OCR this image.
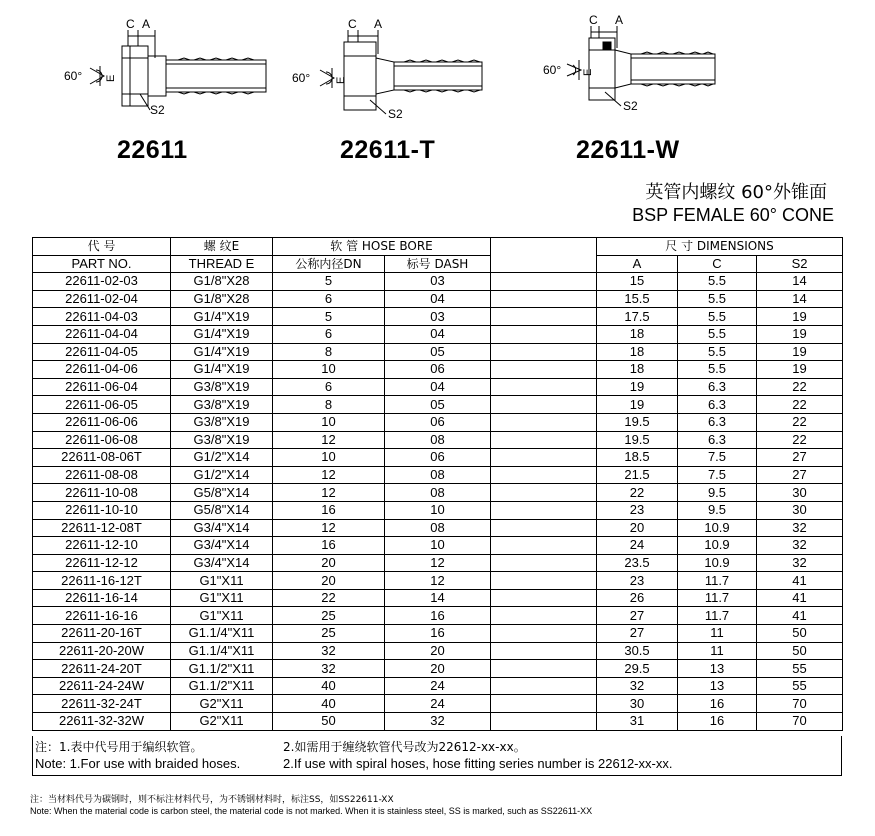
C A
60° E
S2
22611
C A
60° E
S2
22611-T
C A
60° E
S2
22611-W
英管内螺纹 60°外锥面
BSP FEMALE 60° CONE
代 号	螺 纹E	软 管 HOSE BORE			尺 寸 DIMENSIONS		
PART NO.	THREAD E	公称内径DN	标号 DASH		A	C	S2
22611-02-03	G1/8"X28	5	03		15	5.5	14
22611-02-04	G1/8"X28	6	04		15.5	5.5	14
22611-04-03	G1/4"X19	5	03		17.5	5.5	19
22611-04-04	G1/4"X19	6	04		18	5.5	19
22611-04-05	G1/4"X19	8	05		18	5.5	19
22611-04-06	G1/4"X19	10	06		18	5.5	19
22611-06-04	G3/8"X19	6	04		19	6.3	22
22611-06-05	G3/8"X19	8	05		19	6.3	22
22611-06-06	G3/8"X19	10	06		19.5	6.3	22
22611-06-08	G3/8"X19	12	08		19.5	6.3	22
22611-08-06T	G1/2"X14	10	06		18.5	7.5	27
22611-08-08	G1/2"X14	12	08		21.5	7.5	27
22611-10-08	G5/8"X14	12	08		22	9.5	30
22611-10-10	G5/8"X14	16	10		23	9.5	30
22611-12-08T	G3/4"X14	12	08		20	10.9	32
22611-12-10	G3/4"X14	16	10		24	10.9	32
22611-12-12	G3/4"X14	20	12		23.5	10.9	32
22611-16-12T	G1"X11	20	12		23	11.7	41
22611-16-14	G1"X11	22	14		26	11.7	41
22611-16-16	G1"X11	25	16		27	11.7	41
22611-20-16T	G1.1/4"X11	25	16		27	11	50
22611-20-20W	G1.1/4"X11	32	20		30.5	11	50
22611-24-20T	G1.1/2"X11	32	20		29.5	13	55
22611-24-24W	G1.1/2"X11	40	24		32	13	55
22611-32-24T	G2"X11	40	24		30	16	70
22611-32-32W	G2"X11	50	32		31	16	70
注：1.表中代号用于编织软管。	2.如需用于缠绕软管代号改为22612-xx-xx。
Note: 1.For use with braided hoses.	2.If use with spiral hoses, hose fitting series number is 22612-xx-xx.
注：当材料代号为碳钢时，则不标注材料代号，为不锈钢材料时，标注SS，如SS22611-XX
Note: When the material code is carbon steel, the material code is not marked. When it is stainless steel, SS is marked, such as SS22611-XX
